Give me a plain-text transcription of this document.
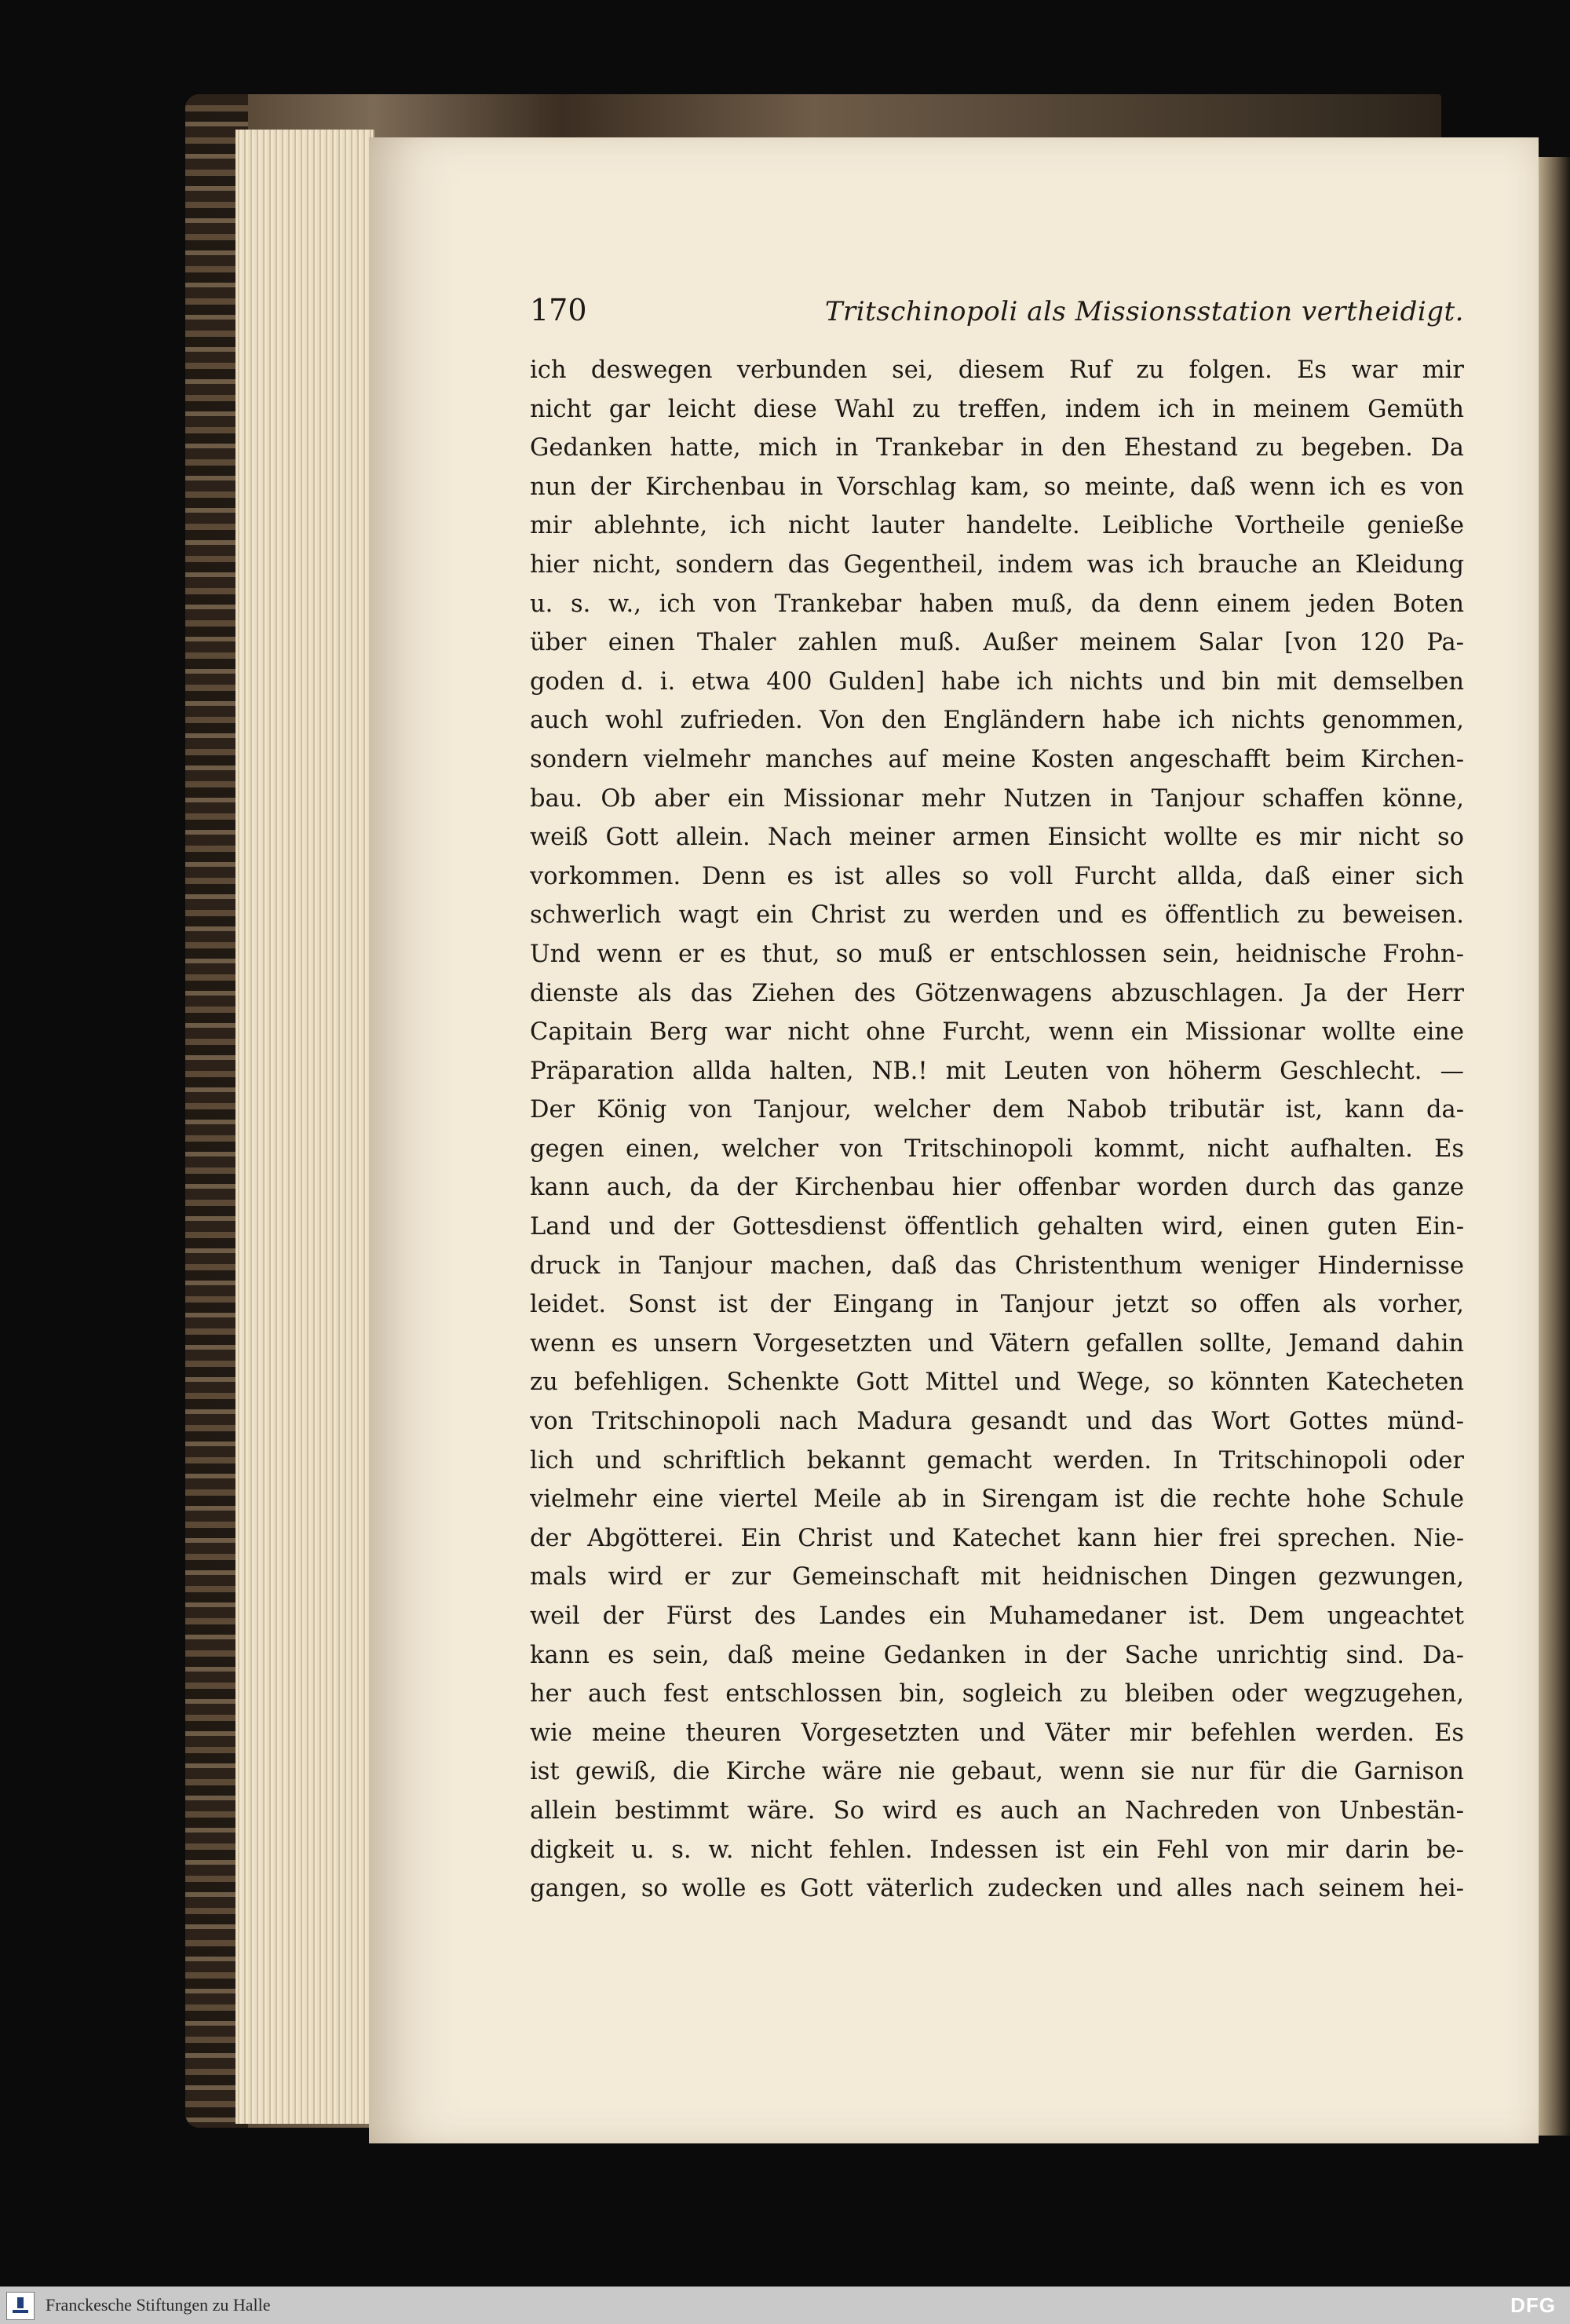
170	Tritschinopoli als Missionsstation vertheidigt.
ich deswegen verbunden sei, diesem Ruf zu folgen. Es war mir
nicht gar leicht diese Wahl zu treffen, indem ich in meinem Gemüth
Gedanken hatte, mich in Trankebar in den Ehestand zu begeben. Da
nun der Kirchenbau in Vorschlag kam, so meinte, daß wenn ich es von
mir ablehnte, ich nicht lauter handelte. Leibliche Vortheile genieße
hier nicht, sondern das Gegentheil, indem was ich brauche an Kleidung
u. s. w., ich von Trankebar haben muß, da denn einem jeden Boten
über einen Thaler zahlen muß. Außer meinem Salar [von 120 Pa-
goden d. i. etwa 400 Gulden] habe ich nichts und bin mit demselben
auch wohl zufrieden. Von den Engländern habe ich nichts genommen,
sondern vielmehr manches auf meine Kosten angeschafft beim Kirchen-
bau. Ob aber ein Missionar mehr Nutzen in Tanjour schaffen könne,
weiß Gott allein. Nach meiner armen Einsicht wollte es mir nicht so
vorkommen. Denn es ist alles so voll Furcht allda, daß einer sich
schwerlich wagt ein Christ zu werden und es öffentlich zu beweisen.
Und wenn er es thut, so muß er entschlossen sein, heidnische Frohn-
dienste als das Ziehen des Götzenwagens abzuschlagen. Ja der Herr
Capitain Berg war nicht ohne Furcht, wenn ein Missionar wollte eine
Präparation allda halten, NB.! mit Leuten von höherm Geschlecht. —
Der König von Tanjour, welcher dem Nabob tributär ist, kann da-
gegen einen, welcher von Tritschinopoli kommt, nicht aufhalten. Es
kann auch, da der Kirchenbau hier offenbar worden durch das ganze
Land und der Gottesdienst öffentlich gehalten wird, einen guten Ein-
druck in Tanjour machen, daß das Christenthum weniger Hindernisse
leidet. Sonst ist der Eingang in Tanjour jetzt so offen als vorher,
wenn es unsern Vorgesetzten und Vätern gefallen sollte, Jemand dahin
zu befehligen. Schenkte Gott Mittel und Wege, so könnten Katecheten
von Tritschinopoli nach Madura gesandt und das Wort Gottes münd-
lich und schriftlich bekannt gemacht werden. In Tritschinopoli oder
vielmehr eine viertel Meile ab in Sirengam ist die rechte hohe Schule
der Abgötterei. Ein Christ und Katechet kann hier frei sprechen. Nie-
mals wird er zur Gemeinschaft mit heidnischen Dingen gezwungen,
weil der Fürst des Landes ein Muhamedaner ist. Dem ungeachtet
kann es sein, daß meine Gedanken in der Sache unrichtig sind. Da-
her auch fest entschlossen bin, sogleich zu bleiben oder wegzugehen,
wie meine theuren Vorgesetzten und Väter mir befehlen werden. Es
ist gewiß, die Kirche wäre nie gebaut, wenn sie nur für die Garnison
allein bestimmt wäre. So wird es auch an Nachreden von Unbestän-
digkeit u. s. w. nicht fehlen. Indessen ist ein Fehl von mir darin be-
gangen, so wolle es Gott väterlich zudecken und alles nach seinem hei-
Franckesche Stiftungen zu Halle	DFG
